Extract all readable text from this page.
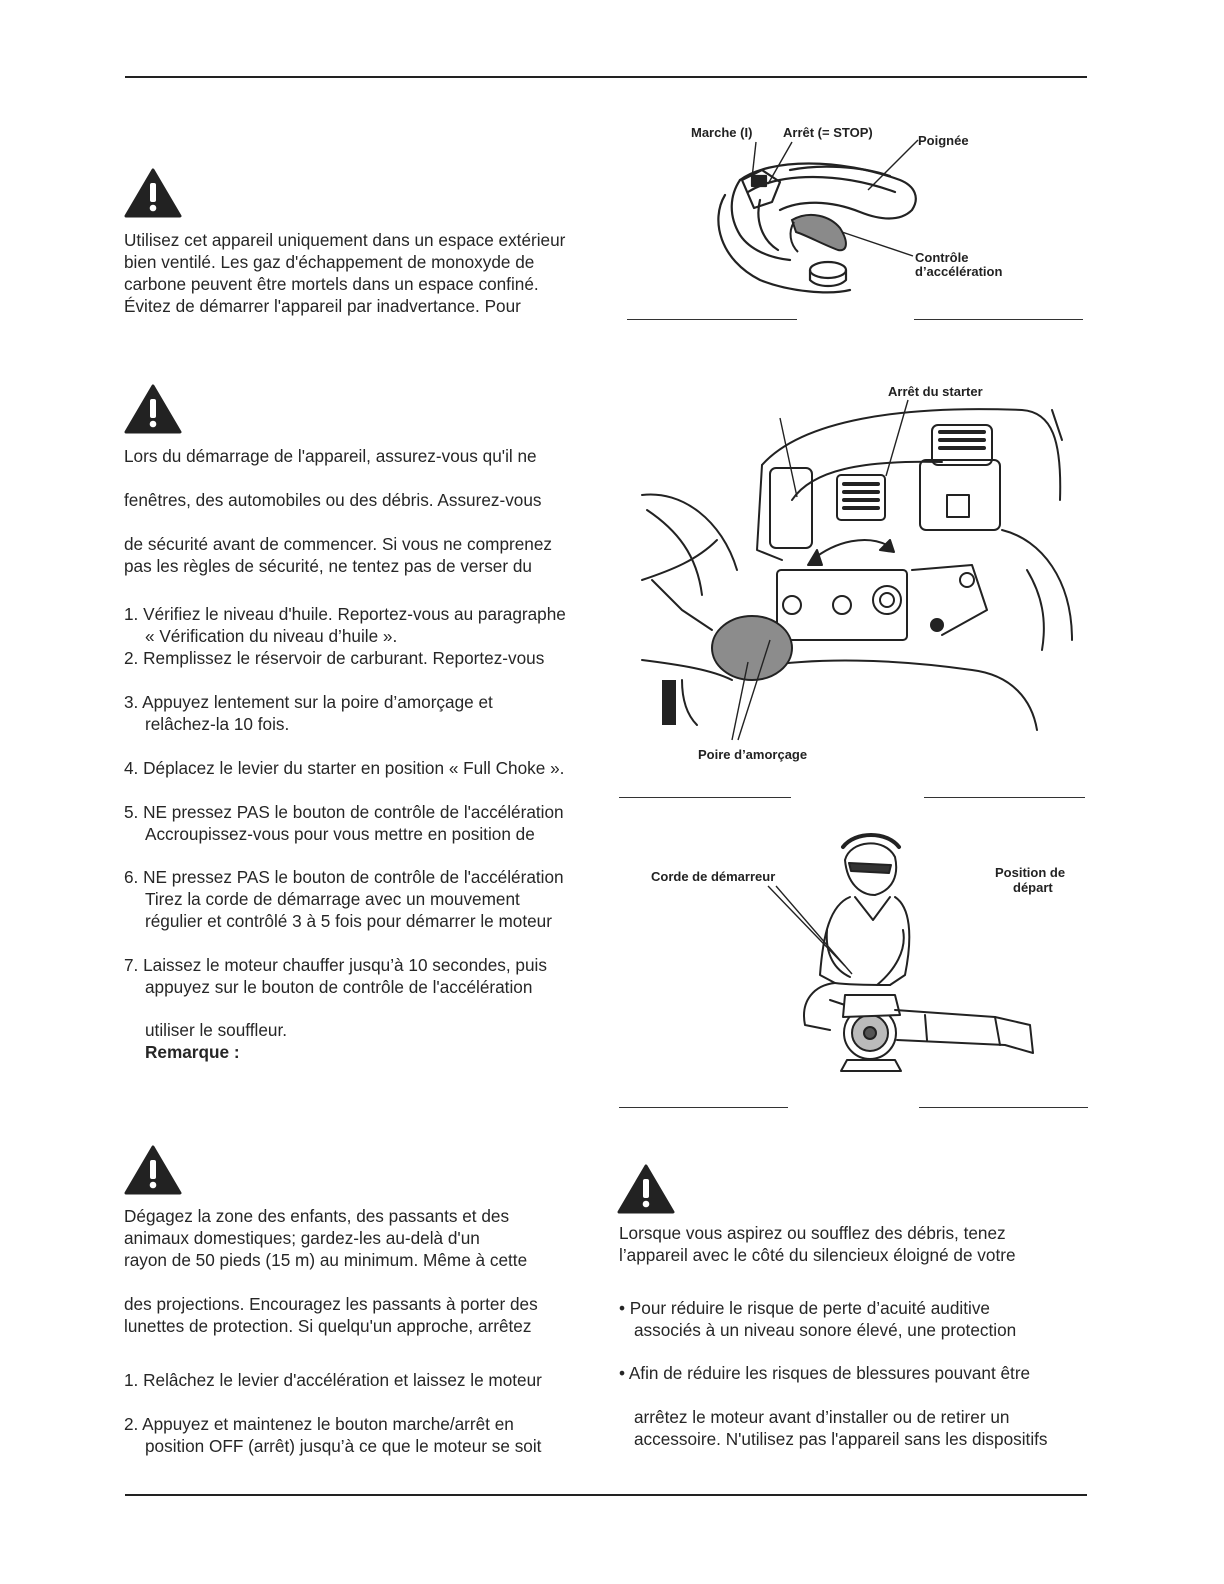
Utilisez cet appareil uniquement dans un espace extérieur
bien ventilé. Les gaz d'échappement de monoxyde de
carbone peuvent être mortels dans un espace confiné.
Évitez de démarrer l'appareil par inadvertance. Pour
Lors du démarrage de l'appareil, assurez-vous qu'il ne
fenêtres, des automobiles ou des débris. Assurez-vous
de sécurité avant de commencer. Si vous ne comprenez
pas les règles de sécurité, ne tentez pas de verser du
1. Vérifiez le niveau d'huile. Reportez-vous au paragraphe
« Vérification du niveau d’huile ».
2. Remplissez le réservoir de carburant. Reportez-vous
3. Appuyez lentement sur la poire d’amorçage et
relâchez-la 10 fois.
4. Déplacez le levier du starter en position « Full Choke ».
5. NE pressez PAS le bouton de contrôle de l'accélération
Accroupissez-vous pour vous mettre en position de
6. NE pressez PAS le bouton de contrôle de l'accélération
Tirez la corde de démarrage avec un mouvement
régulier et contrôlé 3 à 5 fois pour démarrer le moteur
7. Laissez le moteur chauffer jusqu’à 10 secondes, puis
appuyez sur le bouton de contrôle de l'accélération
utiliser le souffleur.
Remarque :
Dégagez la zone des enfants, des passants et des
animaux domestiques; gardez-les au-delà d'un
rayon de 50 pieds (15 m) au minimum. Même à cette
des projections. Encouragez les passants à porter des
lunettes de protection. Si quelqu'un approche, arrêtez
1. Relâchez le levier d'accélération et laissez le moteur
2. Appuyez et maintenez le bouton marche/arrêt en
position OFF (arrêt) jusqu’à ce que le moteur se soit
Lorsque vous aspirez ou soufflez des débris, tenez
l’appareil avec le côté du silencieux éloigné de votre
• Pour réduire le risque de perte d’acuité auditive
associés à un niveau sonore élevé, une protection
• Afin de réduire les risques de blessures pouvant être
arrêtez le moteur avant d’installer ou de retirer un
accessoire. N'utilisez pas l'appareil sans les dispositifs
Marche (I) Arrêt (= STOP)
Poignée
Contrôle
d’accélération
Arrêt du starter
Poire d’amorçage
Corde de démarreur	Position de
départ
